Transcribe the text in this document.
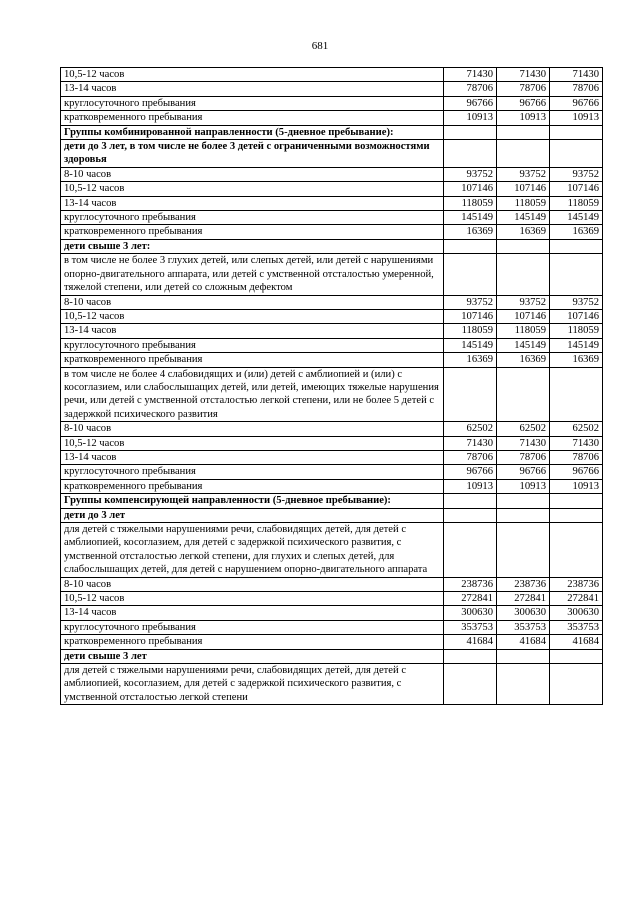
681
10,5-12 часов	71430	71430	71430
13-14 часов	78706	78706	78706
круглосуточного пребывания	96766	96766	96766
кратковременного пребывания	10913	10913	10913
Группы комбинированной направленности (5-дневное пребывание):			
дети до 3 лет, в том числе не более 3 детей с ограниченными возможностями здоровья			
8-10 часов	93752	93752	93752
10,5-12 часов	107146	107146	107146
13-14 часов	118059	118059	118059
круглосуточного пребывания	145149	145149	145149
кратковременного пребывания	16369	16369	16369
дети свыше 3 лет:			
в том числе не более 3 глухих детей, или слепых детей, или детей с нарушениями опорно-двигательного аппарата, или детей с умственной отсталостью умеренной, тяжелой степени, или детей со сложным дефектом			
8-10 часов	93752	93752	93752
10,5-12 часов	107146	107146	107146
13-14 часов	118059	118059	118059
круглосуточного пребывания	145149	145149	145149
кратковременного пребывания	16369	16369	16369
в том числе не более 4 слабовидящих и (или) детей с амблиопией и (или) с косоглазием, или слабослышащих детей, или детей, имеющих тяжелые нарушения речи, или детей с умственной отсталостью легкой степени, или не более 5 детей с задержкой психического развития			
8-10 часов	62502	62502	62502
10,5-12 часов	71430	71430	71430
13-14 часов	78706	78706	78706
круглосуточного пребывания	96766	96766	96766
кратковременного пребывания	10913	10913	10913
Группы компенсирующей направленности (5-дневное пребывание):			
дети до 3 лет			
для детей с тяжелыми нарушениями речи, слабовидящих детей, для детей с амблиопией, косоглазием, для детей с задержкой психического развития, с умственной отсталостью легкой степени, для глухих и слепых детей, для слабослышащих детей, для детей с нарушением опорно-двигательного аппарата			
8-10 часов	238736	238736	238736
10,5-12 часов	272841	272841	272841
13-14 часов	300630	300630	300630
круглосуточного пребывания	353753	353753	353753
кратковременного пребывания	41684	41684	41684
дети свыше 3 лет			
для детей с тяжелыми нарушениями речи, слабовидящих детей, для детей с амблиопией, косоглазием, для детей с задержкой психического развития, с умственной отсталостью легкой степени			
